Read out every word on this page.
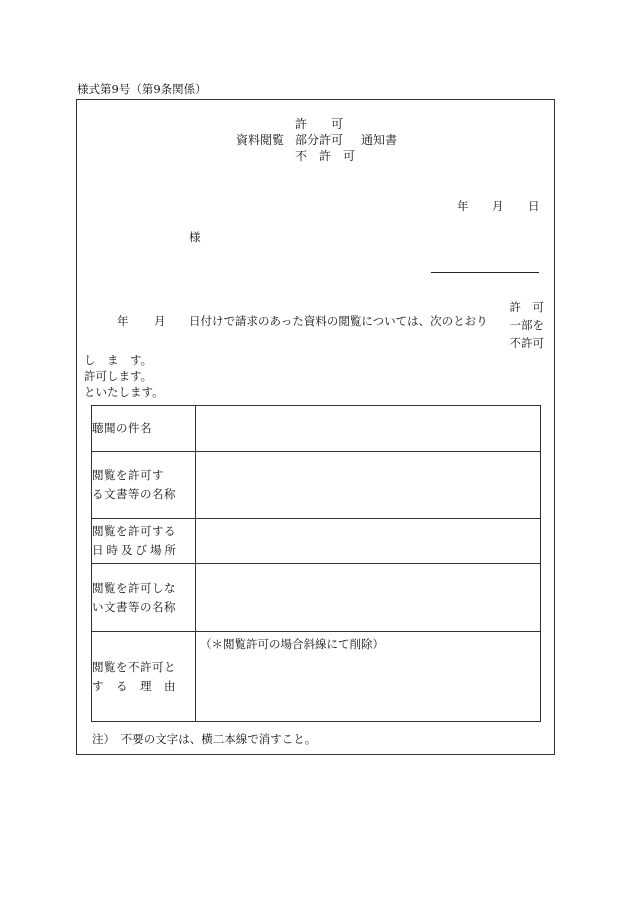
様式第9号（第9条関係）
許　　可
資料閲覧 部分許可 通知書
不　許　可
年 月 日
様
年 月 日付けで請求のあった資料の閲覧については、次のとおり
許　可
一部を
不許可
し　ま　す。
許可します。
といたします。
聴聞の件名	

閲覧を許可す
る文書等の名称	

閲覧を許可する
日時及び場所	

閲覧を許可しな
い文書等の名称	

閲覧を不許可と
す　る　理　由	（＊閲覧許可の場合斜線にて削除）
注）　不要の文字は、横二本線で消すこと。
